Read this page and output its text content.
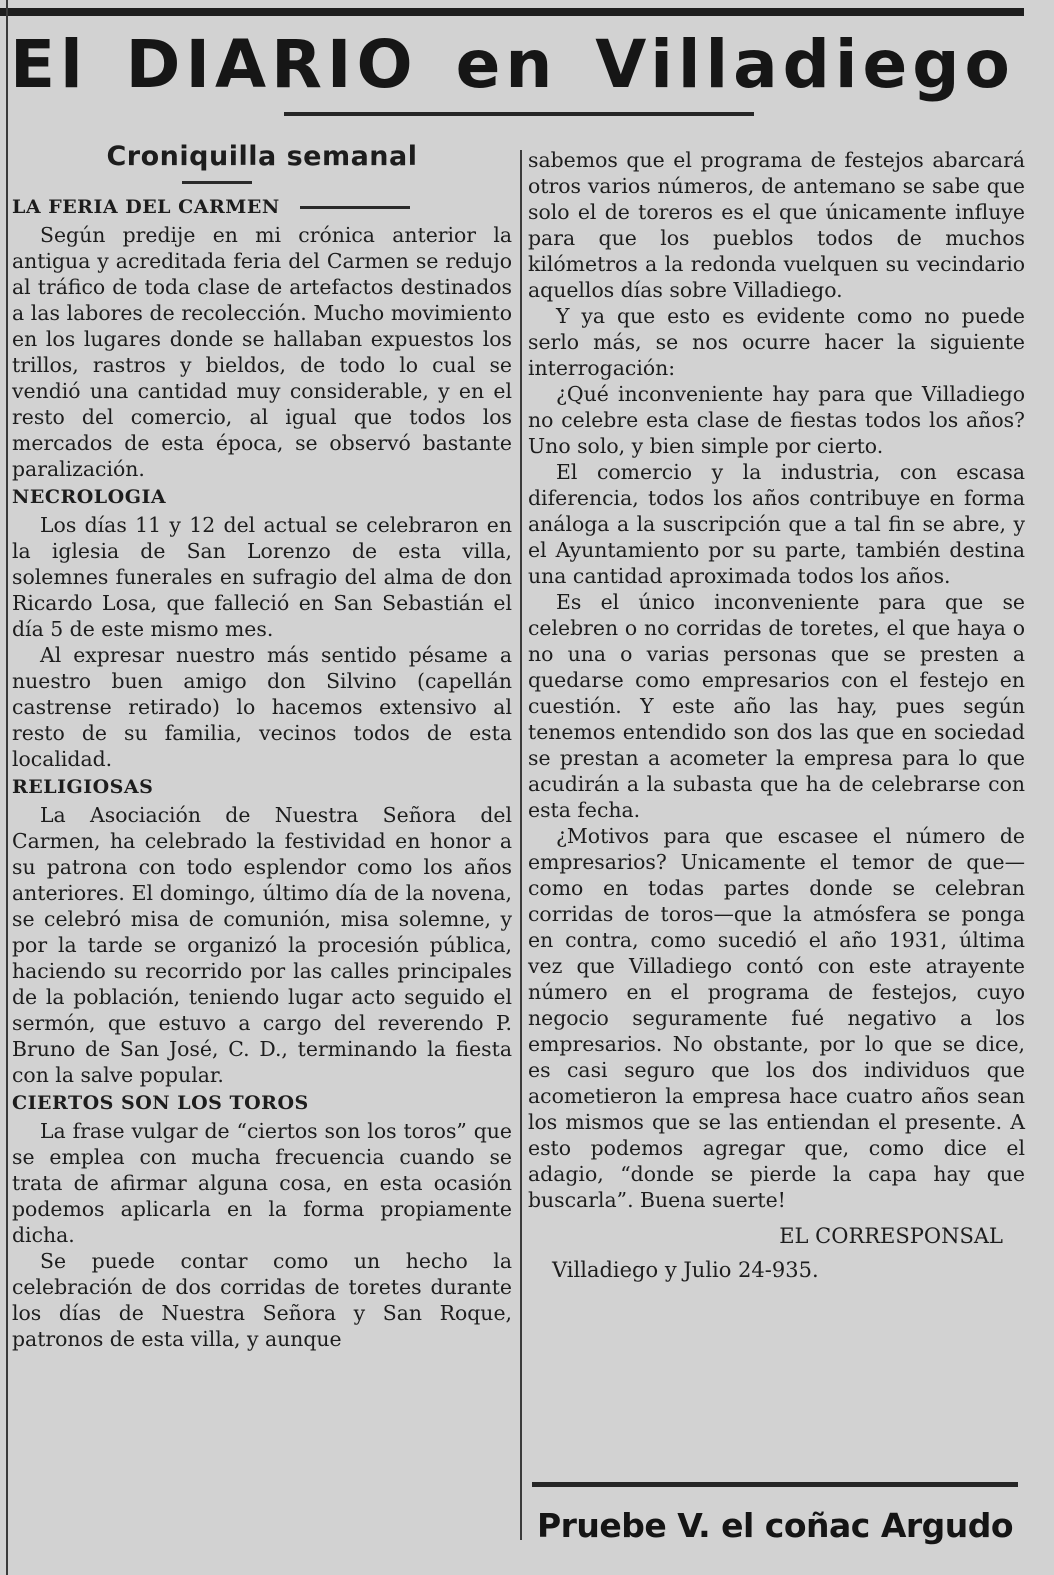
El DIARIO en Villadiego
Croniquilla semanal
LA FERIA DEL CARMEN

Según predije en mi crónica anterior la antigua y acreditada feria del Carmen se redujo al tráfico de toda clase de artefactos destinados a las labores de recolección. Mucho movimiento en los lugares donde se hallaban expuestos los trillos, rastros y bieldos, de todo lo cual se vendió una cantidad muy considerable, y en el resto del comercio, al igual que todos los mercados de esta época, se observó bastante paralización.

NECROLOGIA

Los días 11 y 12 del actual se celebraron en la iglesia de San Lorenzo de esta villa, solemnes funerales en sufragio del alma de don Ricardo Losa, que falleció en San Sebastián el día 5 de este mismo mes.

Al expresar nuestro más sentido pésame a nuestro buen amigo don Silvino (capellán castrense retirado) lo hacemos extensivo al resto de su familia, vecinos todos de esta localidad.

RELIGIOSAS

La Asociación de Nuestra Señora del Carmen, ha celebrado la festividad en honor a su patrona con todo esplendor como los años anteriores. El domingo, último día de la novena, se celebró misa de comunión, misa solemne, y por la tarde se organizó la procesión pública, haciendo su recorrido por las calles principales de la población, teniendo lugar acto seguido el sermón, que estuvo a cargo del reverendo P. Bruno de San José, C. D., terminando la fiesta con la salve popular.

CIERTOS SON LOS TOROS

La frase vulgar de “ciertos son los toros” que se emplea con mucha frecuencia cuando se trata de afirmar alguna cosa, en esta ocasión podemos aplicarla en la forma propiamente dicha.

Se puede contar como un hecho la celebración de dos corridas de toretes durante los días de Nuestra Señora y San Roque, patronos de esta villa, y aunque

sabemos que el programa de festejos abarcará otros varios números, de antemano se sabe que solo el de toreros es el que únicamente influye para que los pueblos todos de muchos kilómetros a la redonda vuelquen su vecindario aquellos días sobre Villadiego.

Y ya que esto es evidente como no puede serlo más, se nos ocurre hacer la siguiente interrogación:

¿Qué inconveniente hay para que Villadiego no celebre esta clase de fiestas todos los años? Uno solo, y bien simple por cierto.

El comercio y la industria, con escasa diferencia, todos los años contribuye en forma análoga a la suscripción que a tal fin se abre, y el Ayuntamiento por su parte, también destina una cantidad aproximada todos los años.

Es el único inconveniente para que se celebren o no corridas de toretes, el que haya o no una o varias personas que se presten a quedarse como empresarios con el festejo en cuestión. Y este año las hay, pues según tenemos entendido son dos las que en sociedad se prestan a acometer la empresa para lo que acudirán a la subasta que ha de celebrarse con esta fecha.

¿Motivos para que escasee el número de empresarios? Unicamente el temor de que—como en todas partes donde se celebran corridas de toros—que la atmósfera se ponga en contra, como sucedió el año 1931, última vez que Villadiego contó con este atrayente número en el programa de festejos, cuyo negocio seguramente fué negativo a los empresarios. No obstante, por lo que se dice, es casi seguro que los dos individuos que acometieron la empresa hace cuatro años sean los mismos que se las entiendan el presente. A esto podemos agregar que, como dice el adagio, “donde se pierde la capa hay que buscarla”. Buena suerte!

EL CORRESPONSAL

Villadiego y Julio 24-935.

Pruebe V. el coñac Argudo
